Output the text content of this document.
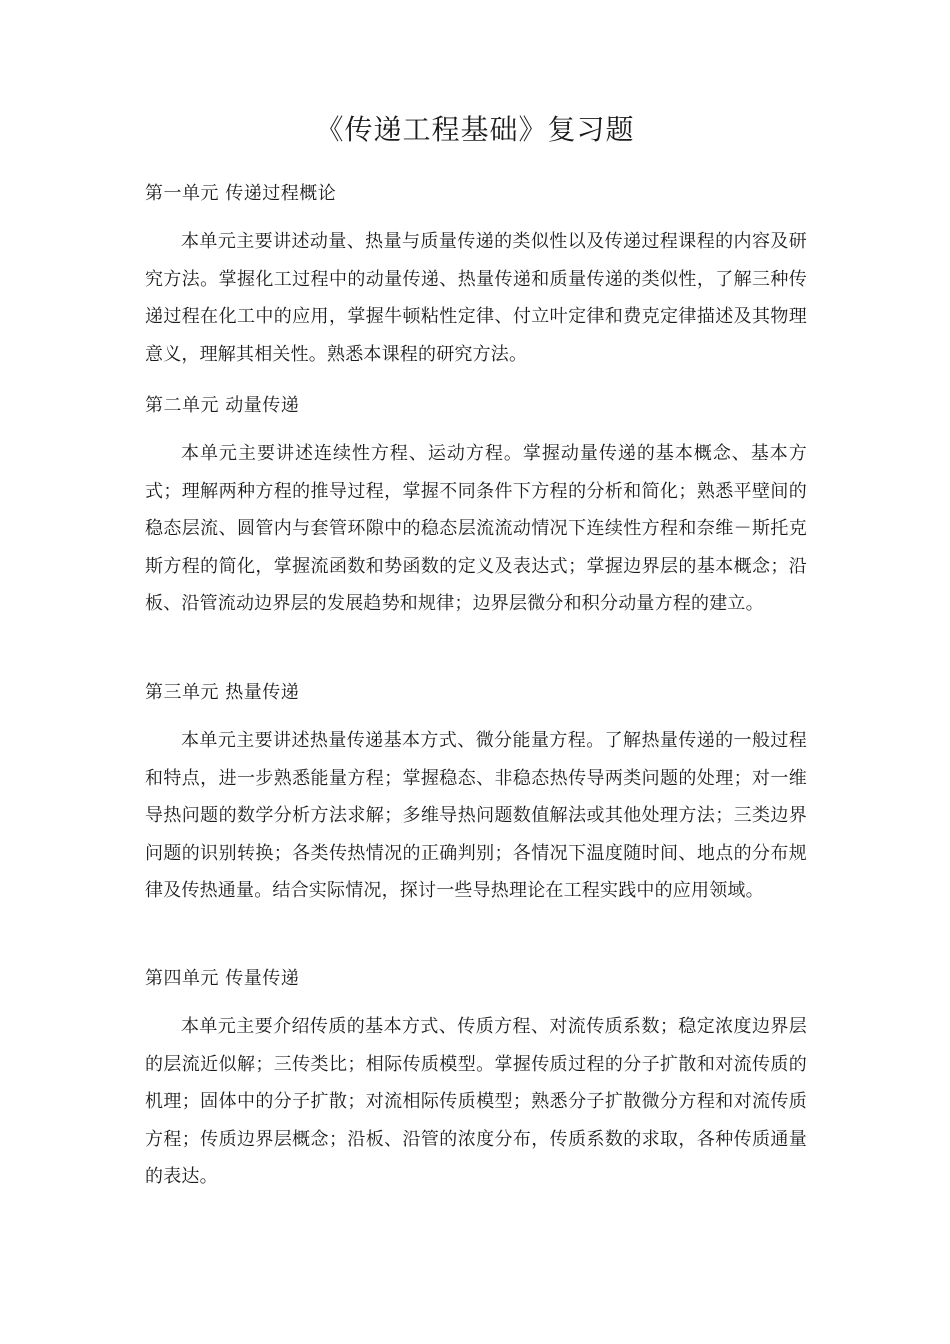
《传递工程基础》复习题
第一单元 传递过程概论

本单元主要讲述动量、热量与质量传递的类似性以及传递过程课程的内容及研究方法。掌握化工过程中的动量传递、热量传递和质量传递的类似性，了解三种传递过程在化工中的应用，掌握牛顿粘性定律、付立叶定律和费克定律描述及其物理意义，理解其相关性。熟悉本课程的研究方法。

第二单元 动量传递

本单元主要讲述连续性方程、运动方程。掌握动量传递的基本概念、基本方式；理解两种方程的推导过程，掌握不同条件下方程的分析和简化；熟悉平壁间的稳态层流、圆管内与套管环隙中的稳态层流流动情况下连续性方程和奈维－斯托克斯方程的简化，掌握流函数和势函数的定义及表达式；掌握边界层的基本概念；沿板、沿管流动边界层的发展趋势和规律；边界层微分和积分动量方程的建立。

第三单元 热量传递

本单元主要讲述热量传递基本方式、微分能量方程。了解热量传递的一般过程和特点，进一步熟悉能量方程；掌握稳态、非稳态热传导两类问题的处理；对一维导热问题的数学分析方法求解；多维导热问题数值解法或其他处理方法；三类边界问题的识别转换；各类传热情况的正确判别；各情况下温度随时间、地点的分布规律及传热通量。结合实际情况，探讨一些导热理论在工程实践中的应用领域。

第四单元 传量传递

本单元主要介绍传质的基本方式、传质方程、对流传质系数；稳定浓度边界层的层流近似解；三传类比；相际传质模型。掌握传质过程的分子扩散和对流传质的机理；固体中的分子扩散；对流相际传质模型；熟悉分子扩散微分方程和对流传质方程；传质边界层概念；沿板、沿管的浓度分布，传质系数的求取，各种传质通量的表达。
